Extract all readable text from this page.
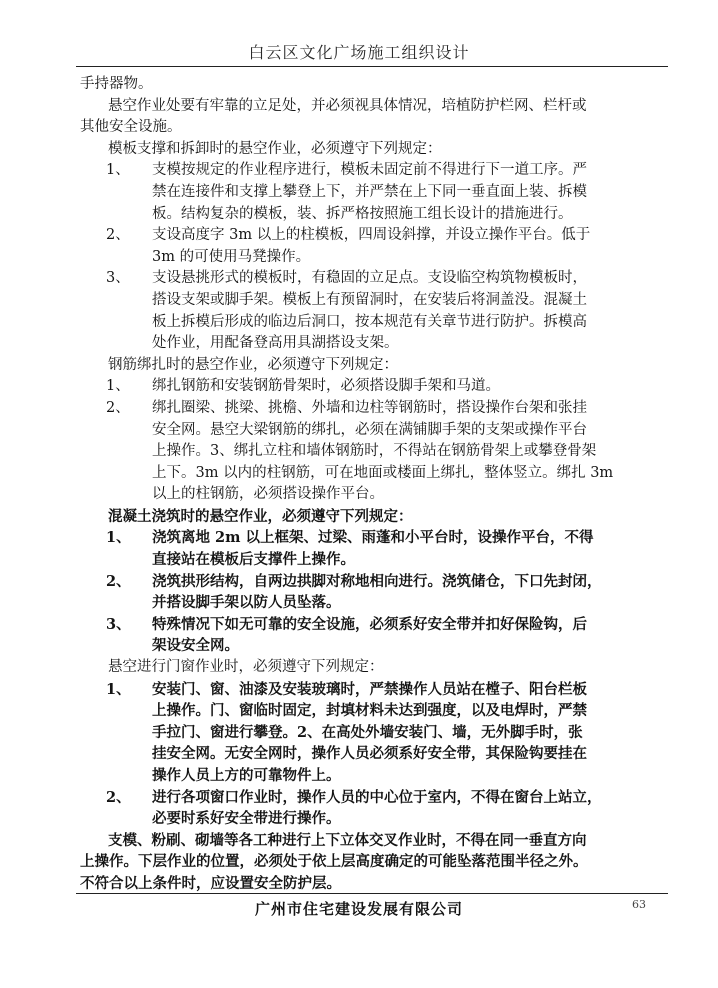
白云区文化广场施工组织设计
手持器物。
悬空作业处要有牢靠的立足处，并必须视具体情况，培植防护栏网、栏杆或
其他安全设施。
模板支撑和拆卸时的悬空作业，必须遵守下列规定：
1、	支模按规定的作业程序进行，模板未固定前不得进行下一道工序。严
禁在连接件和支撑上攀登上下，并严禁在上下同一垂直面上装、拆模
板。结构复杂的模板，装、拆严格按照施工组长设计的措施进行。
2、	支设高度字 3m 以上的柱模板，四周设斜撑，并设立操作平台。低于
3m 的可使用马凳操作。
3、	支设悬挑形式的模板时，有稳固的立足点。支设临空构筑物模板时，
搭设支架或脚手架。模板上有预留洞时，在安装后将洞盖没。混凝土
板上拆模后形成的临边后洞口，按本规范有关章节进行防护。拆模高
处作业，用配备登高用具湖搭设支架。
钢筋绑扎时的悬空作业，必须遵守下列规定：
1、	绑扎钢筋和安装钢筋骨架时，必须搭设脚手架和马道。
2、	绑扎圈梁、挑梁、挑檐、外墙和边柱等钢筋时，搭设操作台架和张挂
安全网。悬空大梁钢筋的绑扎，必须在满铺脚手架的支架或操作平台
上操作。3、绑扎立柱和墙体钢筋时，不得站在钢筋骨架上或攀登骨架
上下。3m 以内的柱钢筋，可在地面或楼面上绑扎，整体竖立。绑扎 3m
以上的柱钢筋，必须搭设操作平台。
混凝土浇筑时的悬空作业，必须遵守下列规定：
1、	浇筑离地 2m 以上框架、过梁、雨蓬和小平台时，设操作平台，不得
直接站在模板后支撑件上操作。
2、	浇筑拱形结构，自两边拱脚对称地相向进行。浇筑储仓，下口先封闭，
并搭设脚手架以防人员坠落。
3、	特殊情况下如无可靠的安全设施，必须系好安全带并扣好保险钩，后
架设安全网。
悬空进行门窗作业时，必须遵守下列规定：
1、	安装门、窗、油漆及安装玻璃时，严禁操作人员站在樘子、阳台栏板
上操作。门、窗临时固定，封填材料未达到强度，以及电焊时，严禁
手拉门、窗进行攀登。2、在高处外墙安装门、墙，无外脚手时，张
挂安全网。无安全网时，操作人员必须系好安全带，其保险钩要挂在
操作人员上方的可靠物件上。
2、	进行各项窗口作业时，操作人员的中心位于室内，不得在窗台上站立，
必要时系好安全带进行操作。
支模、粉刷、砌墙等各工种进行上下立体交叉作业时，不得在同一垂直方向
上操作。下层作业的位置，必须处于依上层高度确定的可能坠落范围半径之外。
不符合以上条件时，应设置安全防护层。
广州市住宅建设发展有限公司	63
